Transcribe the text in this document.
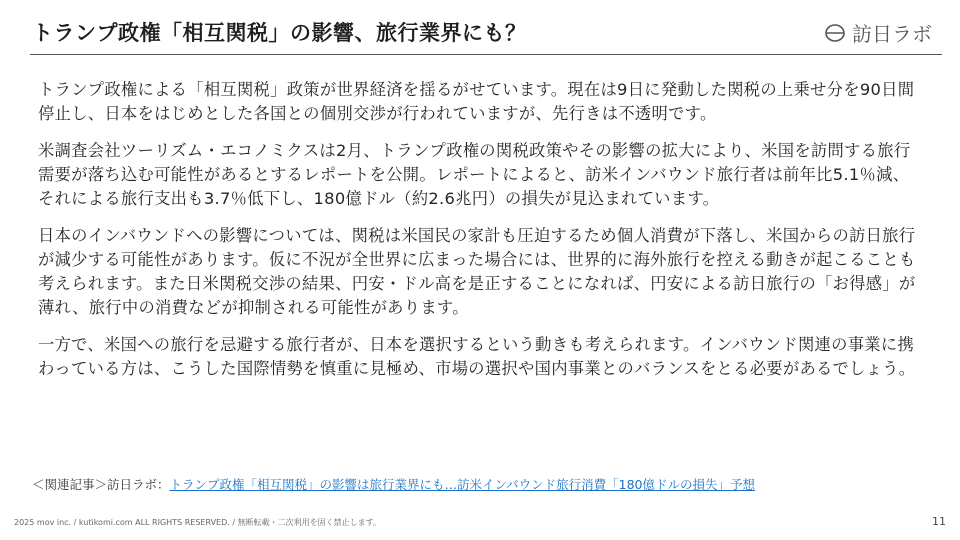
トランプ政権「相互関税」の影響、旅行業界にも？	訪日ラボ

トランプ政権による「相互関税」政策が世界経済を揺るがせています。現在は9日に発動した関税の上乗せ分を90日間停止し、日本をはじめとした各国との個別交渉が行われていますが、先行きは不透明です。

米調査会社ツーリズム・エコノミクスは2月、トランプ政権の関税政策やその影響の拡大により、米国を訪問する旅行需要が落ち込む可能性があるとするレポートを公開。レポートによると、訪米インバウンド旅行者は前年比5.1％減、それによる旅行支出も3.7％低下し、180億ドル（約2.6兆円）の損失が見込まれています。

日本のインバウンドへの影響については、関税は米国民の家計も圧迫するため個人消費が下落し、米国からの訪日旅行が減少する可能性があります。仮に不況が全世界に広まった場合には、世界的に海外旅行を控える動きが起こることも考えられます。また日米関税交渉の結果、円安・ドル高を是正することになれば、円安による訪日旅行の「お得感」が薄れ、旅行中の消費などが抑制される可能性があります。

一方で、米国への旅行を忌避する旅行者が、日本を選択するという動きも考えられます。インバウンド関連の事業に携わっている方は、こうした国際情勢を慎重に見極め、市場の選択や国内事業とのバランスをとる必要があるでしょう。

＜関連記事＞訪日ラボ：トランプ政権「相互関税」の影響は旅行業界にも…訪米インバウンド旅行消費「180億ドルの損失」予想
2025 mov inc. / kutikomi.com ALL RIGHTS RESERVED. / 無断転載・二次利用を固く禁止します。	11
